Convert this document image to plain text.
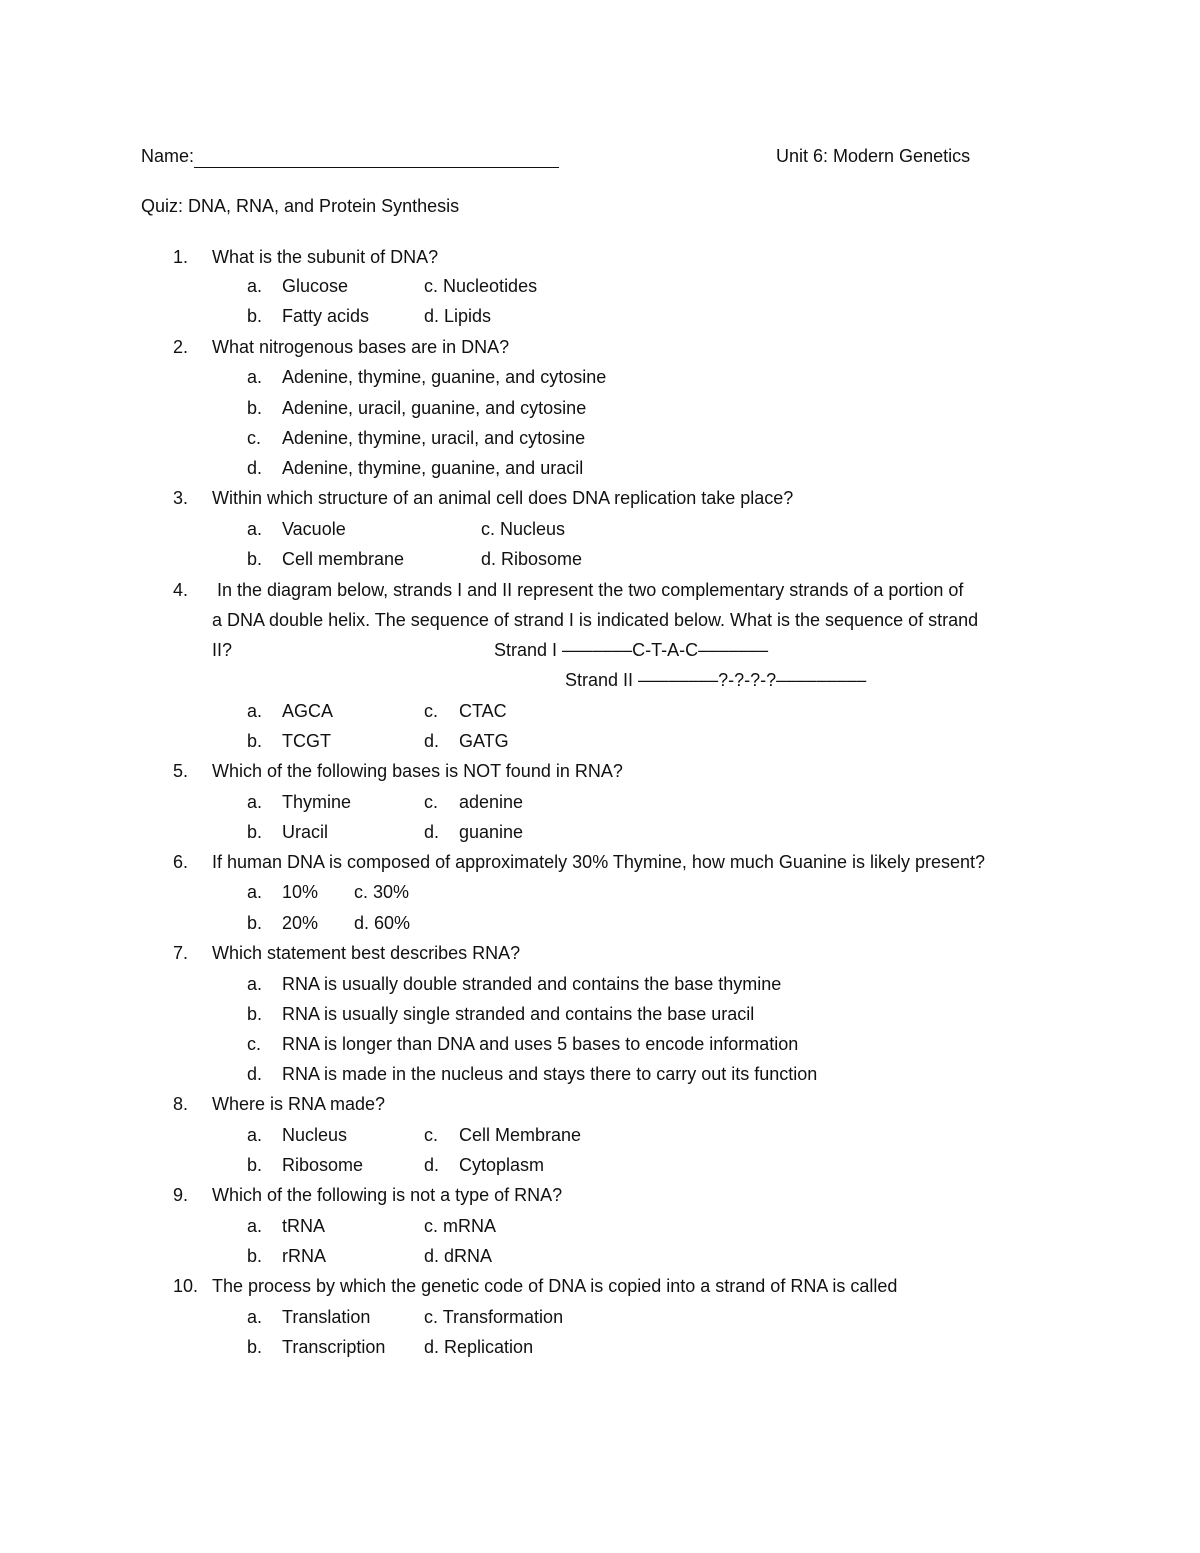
Name:	Unit 6: Modern Genetics
Quiz: DNA, RNA, and Protein Synthesis
1. What is the subunit of DNA?
a. Glucose	c. Nucleotides
b. Fatty acids	d. Lipids
2. What nitrogenous bases are in DNA?
a. Adenine, thymine, guanine, and cytosine
b. Adenine, uracil, guanine, and cytosine
c. Adenine, thymine, uracil, and cytosine
d. Adenine, thymine, guanine, and uracil
3. Within which structure of an animal cell does DNA replication take place?
a. Vacuole	c. Nucleus
b. Cell membrane	d. Ribosome
4. In the diagram below, strands I and II represent the two complementary strands of a portion of
a DNA double helix. The sequence of strand I is indicated below. What is the sequence of strand
II?	Strand I –––––––C-T-A-C–––––––
Strand II ––––––––?-?-?-?–––––––––
a. AGCA	c. CTAC
b. TCGT	d. GATG
5. Which of the following bases is NOT found in RNA?
a. Thymine	c. adenine
b. Uracil	d. guanine
6. If human DNA is composed of approximately 30% Thymine, how much Guanine is likely present?
a. 10% c. 30%
b. 20% d. 60%
7. Which statement best describes RNA?
a. RNA is usually double stranded and contains the base thymine
b. RNA is usually single stranded and contains the base uracil
c. RNA is longer than DNA and uses 5 bases to encode information
d. RNA is made in the nucleus and stays there to carry out its function
8. Where is RNA made?
a. Nucleus	c. Cell Membrane
b. Ribosome	d. Cytoplasm
9. Which of the following is not a type of RNA?
a. tRNA	c. mRNA
b. rRNA	d. dRNA
10. The process by which the genetic code of DNA is copied into a strand of RNA is called
a. Translation	c. Transformation
b. Transcription d. Replication
